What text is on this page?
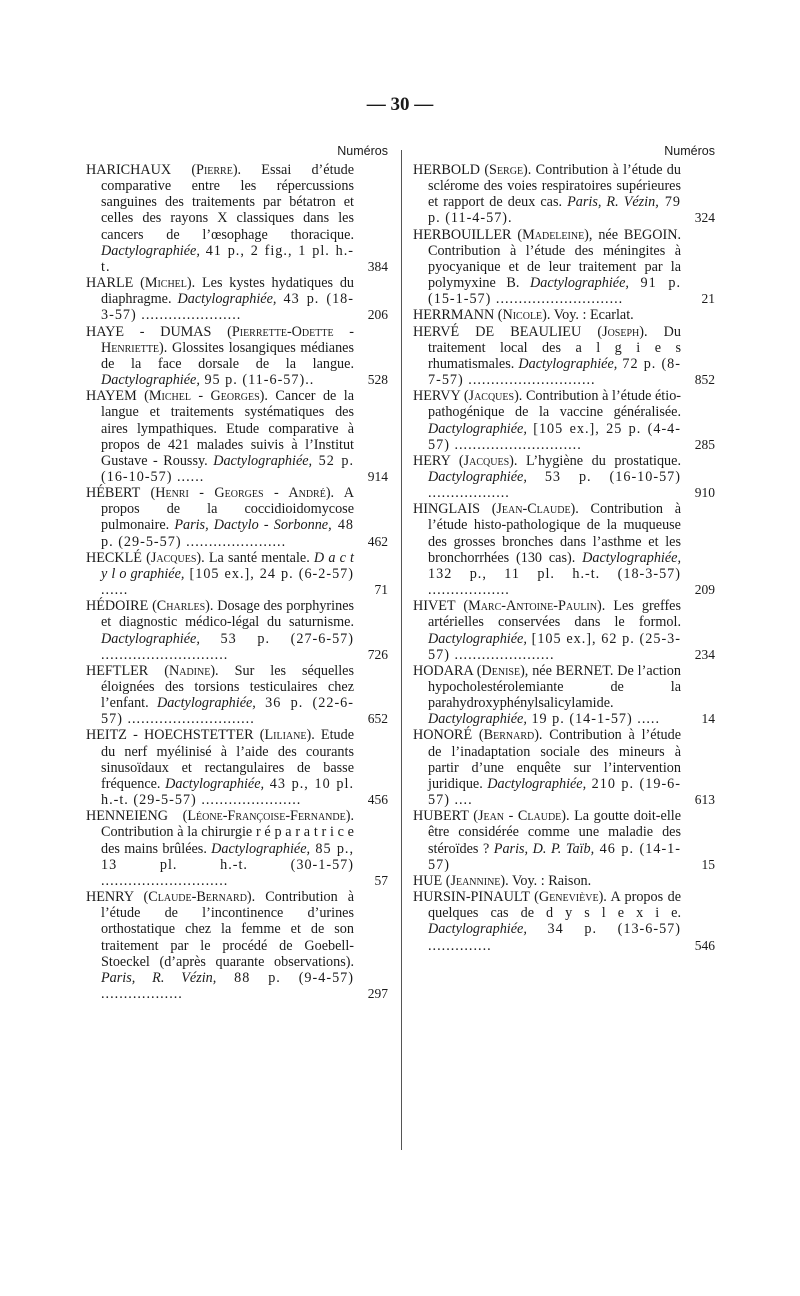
— 30 —
Numéros
HARICHAUX (Pierre). Essai d’étude comparative entre les répercussions sanguines des traitements par bétatron et celles des rayons X classiques dans les cancers de l’œsophage thoracique. Dactylographiée, 41 p., 2 fig., 1 pl. h.-t.	384
HARLE (Michel). Les kystes hydatiques du diaphragme. Dactylographiée, 43 p. (18-3-57) ......................	206
HAYE - DUMAS (Pierrette-Odette - Henriette). Glossites losangiques médianes de la face dorsale de la langue. Dactylographiée, 95 p. (11-6-57)..	528
HAYEM (Michel - Georges). Cancer de la langue et traitements systématiques des aires lympathiques. Etude comparative à propos de 421 malades suivis à l’Institut Gustave - Roussy. Dactylographiée, 52 p. (16-10-57) ......	914
HÉBERT (Henri - Georges - André). A propos de la coccidioidomycose pulmonaire. Paris, Dactylo - Sorbonne, 48 p. (29-5-57) ......................	462
HECKLÉ (Jacques). La santé mentale. D a c t y l o graphiée, [105 ex.], 24 p. (6-2-57) ......	71
HÉDOIRE (Charles). Dosage des porphyrines et diagnostic médico-légal du saturnisme. Dactylographiée, 53 p. (27-6-57) ............................	726
HEFTLER (Nadine). Sur les séquelles éloignées des torsions testiculaires chez l’enfant. Dactylographiée, 36 p. (22-6-57) ............................	652
HEITZ - HOECHSTETTER (Liliane). Etude du nerf myélinisé à l’aide des courants sinusoïdaux et rectangulaires de basse fréquence. Dactylographiée, 43 p., 10 pl. h.-t. (29-5-57) ......................	456
HENNEIENG (Léone-Françoise-Fernande). Contribution à la chirurgie r é p a r a t r i c e des mains brûlées. Dactylographiée, 85 p., 13 pl. h.-t. (30-1-57) ............................	57
HENRY (Claude-Bernard). Contribution à l’étude de l’incontinence d’urines orthostatique chez la femme et de son traitement par le procédé de Goebell-Stoeckel (d’après quarante observations). Paris, R. Vézin, 88 p. (9-4-57) ..................	297
Numéros
HERBOLD (Serge). Contribution à l’étude du sclérome des voies respiratoires supérieures et rapport de deux cas. Paris, R. Vézin, 79 p. (11-4-57).	324
HERBOUILLER (Madeleine), née BEGOIN. Contribution à l’étude des méningites à pyocyanique et de leur traitement par la polymyxine B. Dactylographiée, 91 p. (15-1-57) ............................	21
HERRMANN (Nicole). Voy. : Ecarlat.
HERVÉ DE BEAULIEU (Joseph). Du traitement local des a l g i e s rhumatismales. Dactylographiée, 72 p. (8-7-57) ............................	852
HERVY (Jacques). Contribution à l’étude étio-pathogénique de la vaccine généralisée. Dactylographiée, [105 ex.], 25 p. (4-4-57) ............................	285
HERY (Jacques). L’hygiène du prostatique. Dactylographiée, 53 p. (16-10-57) ..................	910
HINGLAIS (Jean-Claude). Contribution à l’étude histo-pathologique de la muqueuse des grosses bronches dans l’asthme et les bronchorrhées (130 cas). Dactylographiée, 132 p., 11 pl. h.-t. (18-3-57) ..................	209
HIVET (Marc-Antoine-Paulin). Les greffes artérielles conservées dans le formol. Dactylographiée, [105 ex.], 62 p. (25-3-57) ......................	234
HODARA (Denise), née BERNET. De l’action hypocholestérolemiante de la parahydroxyphénylsalicylamide. Dactylographiée, 19 p. (14-1-57) .....	14
HONORÉ (Bernard). Contribution à l’étude de l’inadaptation sociale des mineurs à partir d’une enquête sur l’intervention juridique. Dactylographiée, 210 p. (19-6-57) ....	613
HUBERT (Jean - Claude). La goutte doit-elle être considérée comme une maladie des stéroïdes ? Paris, D. P. Taïb, 46 p. (14-1-57)	15
HUE (Jeannine). Voy. : Raison.
HURSIN-PINAULT (Geneviève). A propos de quelques cas de d y s l e x i e. Dactylographiée, 34 p. (13-6-57) ..............	546
